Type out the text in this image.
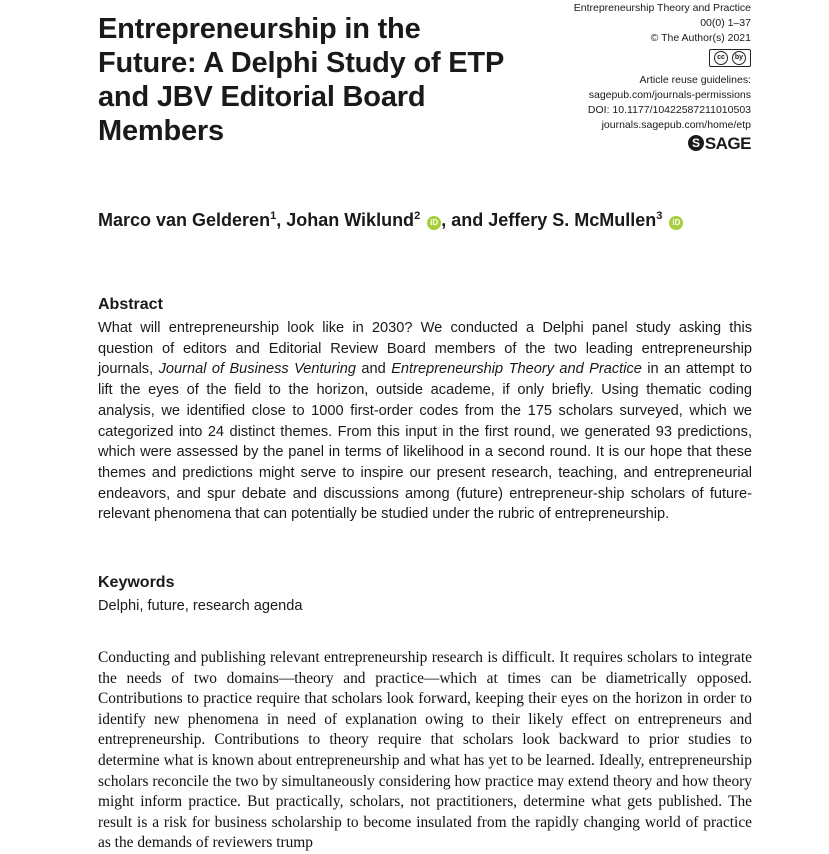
Entrepreneurship in the Future: A Delphi Study of ETP and JBV Editorial Board Members
Entrepreneurship Theory and Practice
00(0) 1–37
© The Author(s) 2021
cc	by
Article reuse guidelines:
sagepub.com/journals-permissions
DOI: 10.1177/10422587211010503
journals.sagepub.com/home/etp
S SAGE
Marco van Gelderen$^1$, Johan Wiklund$^2$ iD , and Jeffery S. McMullen$^3$ iD
Abstract

What will entrepreneurship look like in 2030? We conducted a Delphi panel study asking this question of editors and Editorial Review Board members of the two leading entrepreneurship journals, Journal of Business Venturing and Entrepreneurship Theory and Practice in an attempt to lift the eyes of the field to the horizon, outside academe, if only briefly. Using thematic coding analysis, we identified close to 1000 first-order codes from the 175 scholars surveyed, which we categorized into 24 distinct themes. From this input in the first round, we generated 93 predictions, which were assessed by the panel in terms of likelihood in a second round. It is our hope that these themes and predictions might serve to inspire our present research, teaching, and entrepreneurial endeavors, and spur debate and discussions among (future) entrepreneur-ship scholars of future-relevant phenomena that can potentially be studied under the rubric of entrepreneurship.

Keywords

Delphi, future, research agenda

Conducting and publishing relevant entrepreneurship research is difficult. It requires scholars to integrate the needs of two domains—theory and practice—which at times can be diametrically opposed. Contributions to practice require that scholars look forward, keeping their eyes on the horizon in order to identify new phenomena in need of explanation owing to their likely effect on entrepreneurs and entrepreneurship. Contributions to theory require that scholars look backward to prior studies to determine what is known about entrepreneurship and what has yet to be learned. Ideally, entrepreneurship scholars reconcile the two by simultaneously considering how practice may extend theory and how theory might inform practice. But practically, scholars, not practitioners, determine what gets published. The result is a risk for business scholarship to become insulated from the rapidly changing world of practice as the demands of reviewers trump
